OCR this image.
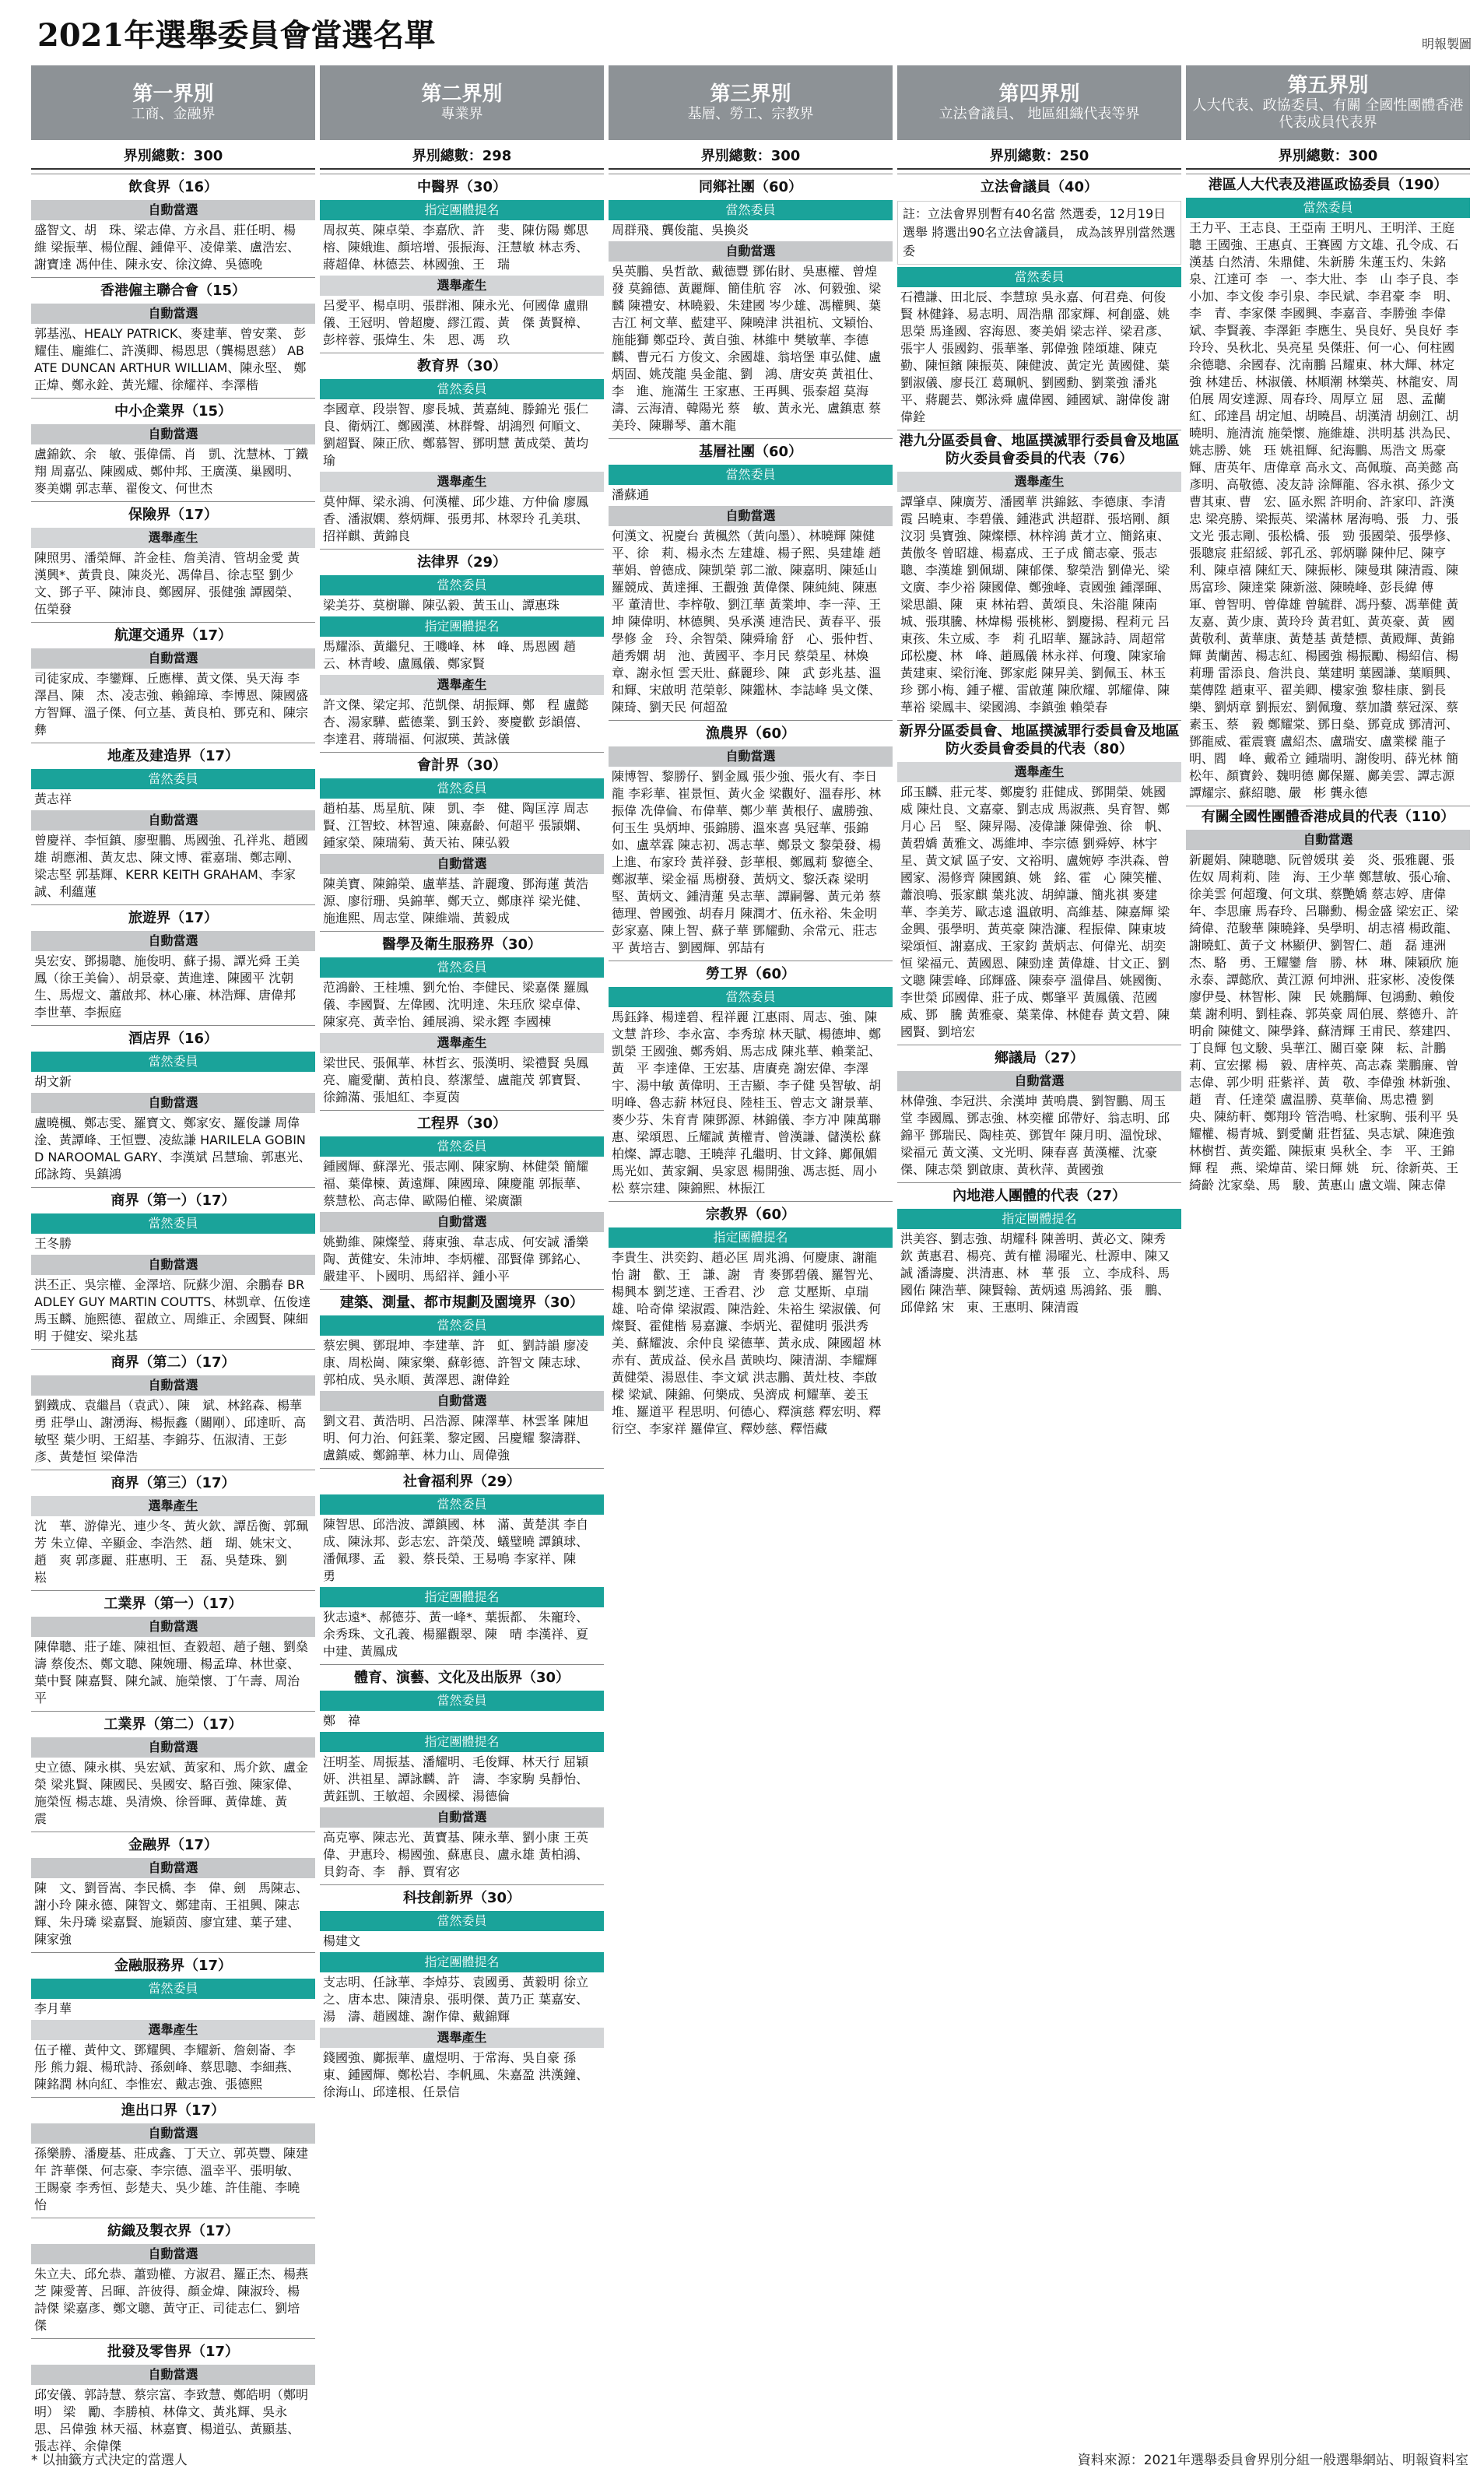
2021年選舉委員會當選名單	明報製圖
第一界別
工商、金融界
界別總數：300
飲食界（16）
自動當選
盛智文、胡　珠、梁志偉、方永昌、莊任明、楊　維 梁振華、楊位醒、鍾偉平、凌偉業、盧浩宏、謝寶達 馮仲佳、陳永安、徐汶緯、吳德晚
香港僱主聯合會（15）
自動當選
郭基泓、HEALY PATRICK、麥建華、曾安業、 彭耀佳、龐維仁、許漢卿、楊恩思（龔楊恩慈） ABATE DUNCAN ARTHUR WILLIAM、陳永堅、 鄭正煒、鄭永銓、黃光耀、徐耀祥、李澤楷
中小企業界（15）
自動當選
盧錦欽、余　敏、張偉儒、肖　凱、沈慧林、丁鐵翔 周嘉弘、陳國威、鄭仲邦、王廣漢、巢國明、麥美嫻 郭志華、翟俊文、何世杰
保險界（17）
選舉產生
陳照男、潘榮輝、許金桂、詹美清、管胡金愛 黃漢興*、黃貴良、陳炎光、馮偉昌、徐志堅 劉少文、鄧子平、陳沛良、鄭國屏、張健強 譚國榮、伍榮發
航運交通界（17）
自動當選
司徒家成、李鑾輝、丘應樺、黃文傑、吳天海 李澤昌、陳　杰、凌志強、賴錦璋、李博恩、陳國盛 方智輝、溫子傑、何立基、黃良柏、鄧克和、陳宗彝
地產及建造界（17）
當然委員
黃志祥
自動當選
曾慶祥、李恒鎮、廖聖鵬、馬國強、孔祥兆、趙國雄 胡應湘、黃友忠、陳文博、霍嘉瑞、鄭志剛、梁志堅 郭基輝、KERR KEITH GRAHAM、李家誠、利蘊蓮
旅遊界（17）
自動當選
吳宏安、鄧揚聰、施俊明、蘇子揚、譚光舜 王美鳳（徐王美倫）、胡景豪、黃進達、陳國平 沈朝生、馬煜文、蕭啟邦、林心廉、林浩輝、唐偉邦 李世華、李振庭
酒店界（16）
當然委員
胡文新
自動當選
盧曉楓、鄭志雯、羅寶文、鄭家安、羅俊謙 周偉淦、黃譚峰、王恒豐、凌紘謙 HARILELA GOBIND NAROOMAL GARY、李漢斌 呂慧瑜、郭惠光、邱詠筠、吳鎮鴻
商界（第一）（17）
當然委員
王冬勝
自動當選
洪丕正、吳宗權、金澤培、阮蘇少湄、余鵬春 BRADLEY GUY MARTIN COUTTS、林凱章、伍俊達 馬玉麟、施熙德、翟啟立、周維正、余國賢、陳細明 于健安、梁兆基
商界（第二）（17）
自動當選
劉鐵成、袁繼昌（袁武）、陳　斌、林銘森、楊華勇 莊學山、謝湧海、楊振鑫（關剛）、邱達昕、高敏堅 葉少明、王紹基、李錦芬、伍淑清、王彭彥、黃楚恒 梁偉浩
商界（第三）（17）
選舉產生
沈　華、游偉光、連少冬、黃火欽、譚岳衡、郭珮芳 朱立偉、辛顯金、李浩然、趙　瑚、姚宋文、趙　爽 郭彥麗、莊惠明、王　磊、吳楚珠、劉　崧
工業界（第一）（17）
自動當選
陳偉聰、莊子雄、陳祖恒、查毅超、趙子翹、劉燊濤 蔡俊杰、鄭文聰、陳婉珊、楊孟瑋、林世豪、葉中賢 陳嘉賢、陳允誠、施榮懷、丁午壽、周治平
工業界（第二）（17）
自動當選
史立德、陳永棋、吳宏斌、黃家和、馬介欽、盧金榮 梁兆賢、陳國民、吳國安、駱百強、陳家偉、施榮恆 楊志雄、吳清煥、徐晉暉、黃偉雄、黃　震
金融界（17）
自動當選
陳　文、劉晉嵩、李民橋、李　偉、劍　馬陳志、謝小玲 陳永德、陳智文、鄭建南、王祖興、陳志輝、朱丹璘 梁嘉賢、施穎茵、廖宜建、葉子建、陳家強
金融服務界（17）
當然委員
李月華
選舉產生
伍子權、黃仲文、鄧耀興、李耀新、詹劍崙、李　彤 熊力錕、楊玳詩、孫劍峰、蔡思聰、李細燕、陳銘潤 林向紅、李惟宏、戴志強、張德熙
進出口界（17）
自動當選
孫樂勝、潘慶基、莊成鑫、丁天立、郭英豐、陳建年 許華傑、何志豪、李宗德、溫幸平、張明敏、王賜豪 李秀恒、彭楚夫、吳少雄、許佳龍、李曉怡
紡織及製衣界（17）
自動當選
朱立夫、邱允恭、蕭勁權、方淑君、羅正杰、楊燕芝 陳愛菁、呂暉、許彼得、顏金煒、陳淑玲、楊詩傑 梁嘉彥、鄭文聰、黃守正、司徒志仁、劉培傑
批發及零售界（17）
自動當選
邱安儀、郭詩慧、蔡宗富、李致慧、鄭皓明（鄭明明） 梁　勵、李勝楨、林偉文、黃兆輝、吳永思、呂偉強 林天福、林嘉寶、楊道弘、黃顯基、張志祥、余偉傑
第二界別
專業界
界別總數：298
中醫界（30）
指定團體提名
周叔英、陳卓榮、李嘉欣、許　斐、陳仿陽 鄭思榕、陳娥進、顏培增、張振海、汪慧敏 林志秀、蔣超偉、林德芸、林國強、王　瑞
選舉產生
呂愛平、楊卓明、張群湘、陳永光、何國偉 盧鼎儀、王冠明、曾超慶、繆江霞、黃　傑 黃賢樟、彭梓蓉、張煒生、朱　恩、馮　玖
教育界（30）
當然委員
李國章、段崇智、廖長城、黃嘉純、滕錦光 張仁良、衛炳江、鄭國漢、林群聲、胡鴻烈 何順文、劉超賢、陳正欣、鄭慕智、鄧明慧 黃成榮、黃均瑜
選舉產生
莫仲輝、梁永鴻、何漢權、邱少雄、方仲倫 廖鳳香、潘淑嫻、蔡炳輝、張勇邦、林翠玲 孔美琪、招祥麒、黃錦良
法律界（29）
當然委員
梁美芬、莫樹聯、陳弘毅、黃玉山、譚惠珠
指定團體提名
馬耀添、黃繼兒、王嘰峰、林　峰、馬恩國 趙　云、林青峻、盧鳳儀、鄭家賢
選舉產生
許文傑、梁定邦、范凱傑、胡振輝、鄭　程 盧懿杏、湯家驊、藍德業、劉玉鈴、麥慶歡 彭韻僖、李達君、蔣瑞福、何淑瑛、黃詠儀
會計界（30）
當然委員
趙柏基、馬星航、陳　凱、李　健、陶匡淳 周志賢、江智蛟、林智遠、陳嘉齡、何超平 張頴嫻、鍾家榮、陳瑞菊、黃天祐、陳弘毅
自動當選
陳美寶、陳錦榮、盧華基、許麗瓊、鄧海蓮 黃浩源、廖衍珊、吳錦華、鄭天立、鄭康祥 梁光健、施進熙、周志堂、陳維端、黃毅成
醫學及衛生服務界（30）
當然委員
范鴻齡、王桂壎、劉允怡、李健民、梁嘉傑 羅鳳儀、李國賢、左偉國、沈明達、朱珏欣 梁卓偉、陳家亮、黃幸怡、鍾展鴻、梁永鏗 李國棟
選舉產生
梁世民、張佩華、林哲玄、張漢明、梁禮賢 吳鳳亮、龐愛蘭、黃柏良、蔡潔瑩、盧龍茂 郭寶賢、徐錦滿、張旭紅、李夏茵
工程界（30）
當然委員
鍾國輝、蘇澤光、張志剛、陳家駒、林健榮 簡耀福、葉偉楝、黃遠輝、陳國璋、陳慶龍 郭振華、蔡慧松、高志偉、歐陽伯權、梁廣灝
自動當選
姚勤維、陳燦瑩、蔣東強、韋志成、何安誠 潘樂陶、黃健安、朱沛坤、李炳權、邵賢偉 鄧銘心、嚴建平、卜國明、馬紹祥、鍾小平
建築、測量、都市規劃及園境界（30）
當然委員
蔡宏興、鄧琨坤、李建華、許　虹、劉詩韻 廖凌康、周松崗、陳家樂、蘇彰德、許智文 陳志球、郭柏成、吳永順、黃澤恩、謝偉銓
自動當選
劉文君、黃浩明、呂浩源、陳澤華、林雲峯 陳旭明、何力治、何鈺業、黎定國、呂慶耀 黎濤群、盧鎮威、鄭錦華、林力山、周偉強
社會福利界（29）
當然委員
陳智思、邱浩波、譚鎮國、林　滿、黃楚淇 李自成、陳泳邦、彭志宏、許榮茂、蟻璧曉 譚鎮球、潘佩璆、孟　毅、蔡長榮、王易鳴 李家祥、陳　勇
指定團體提名
狄志遠*、郝德芬、黃一峰*、葉振都、 朱寵玲、余秀珠、文孔義、楊羅觀翠、陳　晴 李漢祥、夏中建、黃鳳成
體育、演藝、文化及出版界（30）
當然委員
鄭　禕
指定團體提名
汪明荃、周振基、潘耀明、毛俊輝、林天行 屈穎妍、洪祖星、譚詠麟、許　濤、李家駒 吳靜怡、黃鈺凱、王敏超、余國樑、湯德倫
自動當選
高克寧、陳志光、黃寶基、陳永華、劉小康 王英偉、尹惠玲、楊國強、蘇惠良、盧永雄 黃柏鴻、貝鈞奇、李　靜、賈宥宓
科技創新界（30）
當然委員
楊建文
指定團體提名
支志明、任詠華、李焯芬、袁國勇、黃毅明 徐立之、唐本忠、陳清泉、張明傑、黃乃正 葉嘉安、湯　濤、趙國雄、謝作偉、戴錦輝
選舉產生
錢國強、鄺振華、盧煜明、于常海、吳自豪 孫　東、鍾國輝、鄭松岩、李帆風、朱嘉盈 洪漢鐘、徐海山、邱達根、任景信
第三界別
基層、勞工、宗教界
界別總數：300
同鄉社團（60）
當然委員
周群飛、龔俊龍、吳換炎
自動當選
吳英鵬、吳哲歆、戴德豐 鄧佑財、吳惠權、曾煌發 莫錦德、黃麗輝、簡佳航 容　冰、何毅強、梁　麟 陳禮安、林曉毅、朱建國 岑少雄、馮權興、葉吉江 柯文華、藍建平、陳曉津 洪祖杭、文穎怡、施能獅 鄭亞玲、黃自強、林維中 樊敏華、李德麟、曹元石 方俊文、余國雄、翁培堡 車弘健、盧炳固、姚茂龍 吳金龍、劉　鴻、唐安英 黃祖仕、李　進、施滿生 王家惠、王再興、張泰超 莫海濤、云海清、韓陽光 蔡　敏、黃永光、盧鎮恵 蔡美玲、陳聯琴、蕭木龍
基層社團（60）
當然委員
潘蘇通
自動當選
何漢文、祝慶台 黃楓然（黃向墨）、林曉輝 陳健平、徐　莉、楊永杰 左建雄、楊子熙、吳建雄 趙華娟、曾德成、陳凱榮 郭二澈、陳嘉明、陳延山 羅競成、黃達揮、王觀強 黃偉傑、陳純純、陳惠平 董清世、李梓敬、劉江華 黃業坤、李一萍、王　坤 陳偉明、林德興、吳承漢 連浩民、黃春平、張學修 金　玲、余智榮、陳舜瑜 舒　心、張仲哲、趙秀嫻 胡　池、黃國平、李月民 蔡榮星、林煥章、謝永恒 雲天壯、蘇麗珍、陳　武 彭兆基、溫和輝、宋啟明 范榮彰、陳鑑林、李誌峰 吳文傑、陳琦、劉天民 何超盈
漁農界（60）
自動當選
陳博智、黎勝仔、劉金鳳 張少強、張火有、李日龍 李彩華、崔景恒、黃火金 梁觀好、溫春彤、林振偉 冼偉倫、布偉華、鄭少華 黃根仔、盧勝強、何玉生 吳炳坤、張錦勝、溫來喜 吳冠華、張錦如、盧萃霖 陳志初、馮志華、鄭景文 黎榮發、楊上進、布家玲 黃祥發、彭華根、鄭鳳莉 黎德全、鄭淑華、梁金福 馬樹發、黃炳文、黎沃森 梁明堅、黃炳文、鍾清蓮 吳志華、譚嗣馨、黃元弟 蔡德理、曾國強、胡春月 陳潤才、伍永裕、朱金明 彭家嘉、陳上智、蘇子華 鄧耀動、余常元、莊志平 黃培吉、劉國輝、郭喆有
勞工界（60）
當然委員
馬鈺鋒、楊達碧、程祥麗 江惠雨、周志、強、陳文慧 許珍、李永富、李秀琼 林天賦、楊德坤、鄭凱榮 王國強、鄭秀娟、馬志成 陳兆華、賴業記、黃　平 李達偉、王宏基、唐賡堯 謝宏偉、李澤宇、湯中敏 黃偉明、王吉顯、李子健 吳智敏、胡明峰、魯志薪 林冠良、陸桂玉、曾志文 謝景華、麥少芬、朱育青 陳鄧源、林錦儀、李方冲 陳萬聯惠、梁頌恩、丘耀誠 黃權青、曾漢謙、儲漢松 蘇柏燦、譚志聰、王曉萍 孔繼明、甘文鋒、鄺佩媚 馬光如、黃家鋼、吳家恩 楊開強、馮志挺、周小松 蔡宗建、陳錦熙、林振江
宗教界（60）
指定團體提名
李貴生、洪奕鈞、趙必匡 周兆鴻、何慶康、謝龍怡 謝　歡、王　謙、謝　青 麥鄧碧儀、羅智光、楊興本 劉芝達、王香君、沙　意 艾壓斯、卓瑞雄、哈奇偉 梁淑霞、陳浩銓、朱裕生 梁淑儀、何燦賢、霍健楷 易嘉濂、李炳光、翟健明 張洪秀美、蘇耀波、余仲良 梁德華、黃永成、陳國超 林赤有、黃成益、侯永昌 黃映均、陳清湖、李耀輝 黃健榮、湯恩佳、李文斌 洪志鵬、黃灶枝、李啟樑 梁斌、陳錦、何樂成、吳濟成 柯耀華、姜玉堆、羅道平 程思明、何德心、釋演慈 釋宏明、釋衍空、李家祥 羅偉宣、釋妙慈、釋悟藏
第四界別
立法會議員、 地區組織代表等界
界別總數：250
立法會議員（40）
註：立法會界別暫有40名當 然選委，12月19日選舉 將選出90名立法會議員， 成為該界別當然選委
當然委員
石禮謙、田北辰、李慧琼 吳永嘉、何君堯、何俊賢 林健鋒、易志明、周浩鼎 邵家輝、柯創盛、姚思榮 馬逢國、容海恩、麥美娟 梁志祥、梁君彥、張宇人 張國鈞、張華峯、郭偉強 陸頌雄、陳克勤、陳恒鑌 陳振英、陳健波、黃定光 黃國健、葉劉淑儀、廖長江 葛珮帆、劉國勳、劉業強 潘兆平、蔣麗芸、鄭泳舜 盧偉國、鍾國斌、謝偉俊 謝偉銓
港九分區委員會、地區撲滅罪行委員會及地區防火委員會委員的代表（76）
選舉產生
譚肇卓、陳廣芳、潘國華 洪錦鉉、李德康、李清霞 呂曉東、李碧儀、鍾港武 洪超群、張培剛、顏汶羽 吳寶強、陳燦標、林梓鴻 黃才立、簡銘東、黃傲冬 曾昭雄、楊嘉成、王子成 簡志豪、張志聰、李漢雄 劉佩瑚、陳郁傑、黎榮浩 劉偉光、梁文廣、李少裕 陳國偉、鄭強峰、袁國強 鍾澤暉、梁思韻、陳　東 林祐碧、黃頌良、朱浴龍 陳南城、張琪騰、林煒楊 張桃彬、劉慶揚、程莉元 呂東孩、朱立威、李　莉 孔昭華、羅詠詩、周超常 邱松慶、林　峰、趙鳳儀 林永祥、何瓊、陳家瑜 黃建東、梁衍淹、鄧家彪 陳昇美、劉佩玉、林玉珍 鄧小梅、鍾子權、雷啟蓮 陳欣耀、郭耀偉、陳華裕 梁鳳丰、梁國鴻、李鎮強 賴榮春
新界分區委員會、地區撲滅罪行委員會及地區防火委員會委員的代表（80）
選舉產生
邱玉麟、莊元苳、鄭慶豹 莊健成、鄧開榮、姚國威 陳灶良、文嘉豪、劉志成 馬淑燕、吳育智、鄭月心 呂　堅、陳昇陽、凌偉謙 陳偉強、徐　帆、黃碧嬌 黃雅文、馮維坤、李宗德 劉舜婷、林宇星、黃文斌 區子安、文裕明、盧婉婷 李洪森、曾國家、湯修齊 陳國鎮、姚　銘、霍　心 陳笑權、蕭浪鳴、張家麒 葉兆波、胡綽謙、簡兆祺 麥建華、李美芳、歐志遠 溫啟明、高維基、陳嘉輝 梁金興、張學明、黃英豪 陳浩濂、程振偉、陳東坡 梁頌恒、謝嘉成、王家鈞 黃炳志、何偉光、胡奕恒 梁福元、黃國恩、陳勁達 黃偉雄、甘文正、劉文聰 陳雲峰、邱輝盛、陳泰亭 溫偉昌、姚國衡、李世榮 邱國偉、莊子成、鄭肇平 黃鳳儀、范國威、鄧　騰 黃雅豪、葉業偉、林健春 黃文碧、陳國賢、劉培宏
鄉議局（27）
自動當選
林偉強、李冠洪、余漢坤 黃嗚農、劉智鵬、周玉堂 李國鳳、鄧志強、林奕權 邱帶好、翁志明、邱錦平 鄧瑞民、陶桂英、鄧賀年 陳月明、溫悅球、梁福元 黃文漢、文光明、陳春喜 黃漢權、沈豪傑、陳志榮 劉啟康、黃秋萍、黃國強
內地港人團體的代表（27）
指定團體提名
洪美容、劉志強、胡耀科 陳善明、黃必文、陳秀欽 黃惠君、楊亮、黃有權 湯曜光、杜源申、陳又誠 潘濤慶、洪清惠、林　華 張　立、李成科、馬國佑 陳浩華、陳賢翰、黃炳遠 馬鴻銘、張　鵬、邱偉銘 宋　東、王惠明、陳清霞
第五界別
人大代表、政協委員、有關 全國性團體香港代表成員代表界
界別總數：300
港區人大代表及港區政協委員（190）
當然委員
王力平、王志良、王亞南 王明凡、王明洋、王庭聰 王國強、王惠貞、王賽國 方文雄、孔令成、石漢基 白然清、朱鼎健、朱新勝 朱蓮玉灼、朱銘泉、江達可 李　一、李大壯、李　山 李子良、李小加、李文俊 李引泉、李民斌、李君豪 李　明、李　青、李家傑 李國興、李嘉音、李勝強 李偉斌、李賢義、李澤鉅 李應生、吳良好、吳良好 李玲玲、吳秋北、吳亮星 吳傑莊、何一心、何柱國 余德聰、余國春、沈南鵬 呂耀東、林大輝、林定強 林建岳、林淑儀、林順潮 林樂英、林龍安、周伯展 周安達源、周春玲、周厚立 屈　恩、孟蘭紅、邱達昌 胡定旭、胡曉昌、胡漢清 胡劍江、胡曉明、施清流 施榮懷、施維雄、洪明基 洪為民、姚志勝、姚　珏 姚祖輝、紀海鵬、馬浩文 馬豪輝、唐英年、唐偉章 高永文、高佩璇、高美懿 高彥明、高敬德、凌友詩 涂輝龍、容永祺、孫少文 曹其東、曹　宏、區永熙 許明俞、許家印、許漢忠 梁亮勝、梁振英、梁滿林 屠海鳴、張　力、張文光 張志剛、張松橋、張　勁 張國榮、張學修、張聰宸 莊紹綏、郭孔丞、郭炳聯 陳仲尼、陳亨利、陳卓禧 陳紅天、陳振彬、陳曼琪 陳清霞、陳馬富珍、陳達棠 陳新滋、陳曉峰、彭長緯 傅　軍、曾智明、曾偉雄 曾毓群、馮丹藜、馮華健 黃友嘉、黃少康、黃玲玲 黃君虹、黃英豪、黃　國 黃敬利、黃華康、黃楚基 黃楚標、黃殿輝、黃錦輝 黃蘭茜、楊志紅、楊國強 楊振勵、楊紹信、楊莉珊 雷添良、詹洪良、葉建明 葉國謙、葉順興、葉傳陞 趙東平、翟美卿、樓家強 黎桂康、劉長樂、劉炳章 劉振宏、劉佩瓊、蔡加讚 蔡冠深、蔡素玉、蔡　毅 鄭耀棠、鄧日燊、鄧竟成 鄧清河、鄧龍威、霍震寰 盧紹杰、盧瑞安、盧業樑 龍子明、閻　峰、戴希立 鍾瑞明、謝俊明、薛光林 簡松年、顏寶鈴、魏明德 鄺保羅、鄺美雲、譚志源 譚耀宗、蘇紹聰、嚴　彬 龔永德
有關全國性團體香港成員的代表（110）
自動當選
新麗娟、陳聰聰、阮曾媛琪 姜　炎、張雅麗、張佐奴 周莉莉、陸　海、王少華 鄭慧敏、張心瑜、徐美雲 何超瓊、何文琪、蔡艷嬌 蔡志婷、唐偉年、李思廉 馬春玲、呂聯勳、楊金盛 梁宏正、梁綺偉、范駿華 陳曉鋒、吳學明、胡志禧 楊政龍、謝曉虹、黃子文 林顯伊、劉智仁、趙　磊 連洲杰、駱　勇、王耀鑾 詹　勝、林　琳、陳穎欣 施永泰、譚懿欣、黃江源 何坤洲、莊家彬、凌俊傑 廖伊曼、林智彬、陳　民 姚鵬輝、包鴻勳、賴俊葉 謝利明、劉桂森、郭英豪 周伯展、蔡德升、許明俞 陳健文、陳學鋒、蘇清輝 王甫民、蔡建四、丁良輝 包文駿、吳華江、關百豪 陳　耘、計鵬莉、宣宏摞 楊　毅、唐梓英、高志森 業鵬廉、曾志偉、郭少明 莊紫祥、黃　敬、李偉強 林新強、趙　青、任達榮 盧温勝、莫華倫、馬忠禮 劉　央、陳紡軒、鄭翔玲 管浩鳴、杜家駒、張利平 吳耀權、楊青城、劉愛蘭 莊哲猛、吳志斌、陳進強 林樹哲、黃奕鑑、陳振東 吳秋全、李　平、王錦輝 程　燕、梁煒苗、梁日輝 姚　玩、徐新英、王綺齡 沈家燊、馬　駿、黃惠山 盧文端、陳志偉
* 以抽籤方式決定的當選人	資料來源：2021年選舉委員會界別分組一般選舉網站、明報資料室
